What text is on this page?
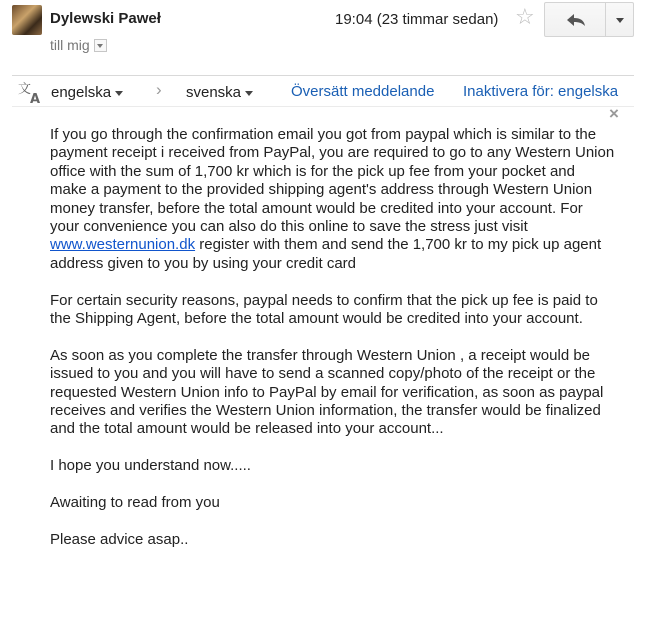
Dylewski Paweł
till mig
19:04 (23 timmar sedan) ☆
文
A engelska	› svenska	Översätt meddelande Inaktivera för: engelska
×

If you go through the confirmation email you got from paypal which is similar to the payment receipt i received from PayPal, you are required to go to any Western Union office with the sum of 1,700 kr which is for the pick up fee from your pocket and make a payment to the provided shipping agent's address through Western Union money transfer, before the total amount would be credited into your account. For your convenience you can also do this online to save the stress just visit www.westernunion.dk register with them and send the 1,700 kr to my pick up agent address given to you by using your credit card

For certain security reasons, paypal needs to confirm that the pick up fee is paid to the Shipping Agent, before the total amount would be credited into your account.

As soon as you complete the transfer through Western Union , a receipt would be issued to you and you will have to send a scanned copy/photo of the receipt or the requested Western Union info to PayPal by email for verification, as soon as paypal receives and verifies the Western Union information, the transfer would be finalized and the total amount would be released into your account...

I hope you understand now.....

Awaiting to read from you

Please advice asap..
